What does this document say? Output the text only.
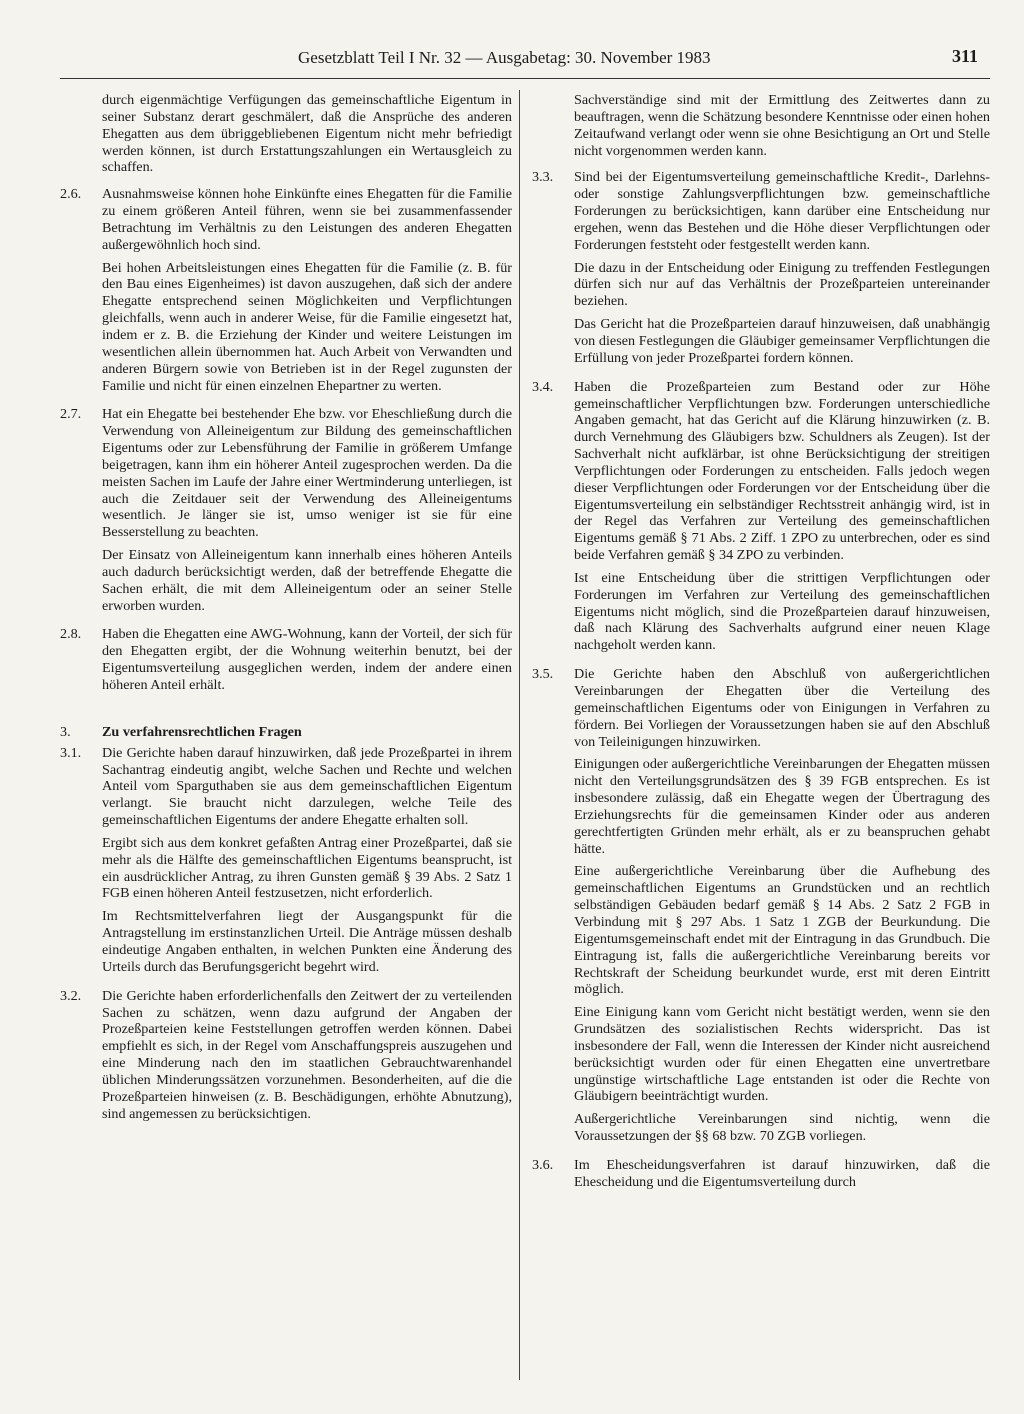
Gesetzblatt Teil I Nr. 32 — Ausgabetag: 30. November 1983	311

durch eigenmächtige Verfügungen das gemeinschaftliche Eigentum in seiner Substanz derart geschmälert, daß die Ansprüche des anderen Ehegatten aus dem übriggebliebenen Eigentum nicht mehr befriedigt werden können, ist durch Erstattungszahlungen ein Wertausgleich zu schaffen.

2.6. Ausnahmsweise können hohe Einkünfte eines Ehegatten für die Familie zu einem größeren Anteil führen, wenn sie bei zusammenfassender Betrachtung im Verhältnis zu den Leistungen des anderen Ehegatten außergewöhnlich hoch sind.

Bei hohen Arbeitsleistungen eines Ehegatten für die Familie (z. B. für den Bau eines Eigenheimes) ist davon auszugehen, daß sich der andere Ehegatte entsprechend seinen Möglichkeiten und Verpflichtungen gleichfalls, wenn auch in anderer Weise, für die Familie eingesetzt hat, indem er z. B. die Erziehung der Kinder und weitere Leistungen im wesentlichen allein übernommen hat. Auch Arbeit von Verwandten und anderen Bürgern sowie von Betrieben ist in der Regel zugunsten der Familie und nicht für einen einzelnen Ehepartner zu werten.

2.7. Hat ein Ehegatte bei bestehender Ehe bzw. vor Eheschließung durch die Verwendung von Alleineigentum zur Bildung des gemeinschaftlichen Eigentums oder zur Lebensführung der Familie in größerem Umfange beigetragen, kann ihm ein höherer Anteil zugesprochen werden. Da die meisten Sachen im Laufe der Jahre einer Wertminderung unterliegen, ist auch die Zeitdauer seit der Verwendung des Alleineigentums wesentlich. Je länger sie ist, umso weniger ist sie für eine Besserstellung zu beachten.

Der Einsatz von Alleineigentum kann innerhalb eines höheren Anteils auch dadurch berücksichtigt werden, daß der betreffende Ehegatte die Sachen erhält, die mit dem Alleineigentum oder an seiner Stelle erworben wurden.

2.8. Haben die Ehegatten eine AWG-Wohnung, kann der Vorteil, der sich für den Ehegatten ergibt, der die Wohnung weiterhin benutzt, bei der Eigentumsverteilung ausgeglichen werden, indem der andere einen höheren Anteil erhält.

3. Zu verfahrensrechtlichen Fragen
3.1. Die Gerichte haben darauf hinzuwirken, daß jede Prozeßpartei in ihrem Sachantrag eindeutig angibt, welche Sachen und Rechte und welchen Anteil vom Sparguthaben sie aus dem gemeinschaftlichen Eigentum verlangt. Sie braucht nicht darzulegen, welche Teile des gemeinschaftlichen Eigentums der andere Ehegatte erhalten soll.

Ergibt sich aus dem konkret gefaßten Antrag einer Prozeßpartei, daß sie mehr als die Hälfte des gemeinschaftlichen Eigentums beansprucht, ist ein ausdrücklicher Antrag, zu ihren Gunsten gemäß § 39 Abs. 2 Satz 1 FGB einen höheren Anteil festzusetzen, nicht erforderlich.

Im Rechtsmittelverfahren liegt der Ausgangspunkt für die Antragstellung im erstinstanzlichen Urteil. Die Anträge müssen deshalb eindeutige Angaben enthalten, in welchen Punkten eine Änderung des Urteils durch das Berufungsgericht begehrt wird.

3.2. Die Gerichte haben erforderlichenfalls den Zeitwert der zu verteilenden Sachen zu schätzen, wenn dazu aufgrund der Angaben der Prozeßparteien keine Feststellungen getroffen werden können. Dabei empfiehlt es sich, in der Regel vom Anschaffungspreis auszugehen und eine Minderung nach den im staatlichen Gebrauchtwarenhandel üblichen Minderungssätzen vorzunehmen. Besonderheiten, auf die die Prozeßparteien hinweisen (z. B. Beschädigungen, erhöhte Abnutzung), sind angemessen zu berücksichtigen.

Sachverständige sind mit der Ermittlung des Zeitwertes dann zu beauftragen, wenn die Schätzung besondere Kenntnisse oder einen hohen Zeitaufwand verlangt oder wenn sie ohne Besichtigung an Ort und Stelle nicht vorgenommen werden kann.

3.3. Sind bei der Eigentumsverteilung gemeinschaftliche Kredit-, Darlehns- oder sonstige Zahlungsverpflichtungen bzw. gemeinschaftliche Forderungen zu berücksichtigen, kann darüber eine Entscheidung nur ergehen, wenn das Bestehen und die Höhe dieser Verpflichtungen oder Forderungen feststeht oder festgestellt werden kann.

Die dazu in der Entscheidung oder Einigung zu treffenden Festlegungen dürfen sich nur auf das Verhältnis der Prozeßparteien untereinander beziehen.

Das Gericht hat die Prozeßparteien darauf hinzuweisen, daß unabhängig von diesen Festlegungen die Gläubiger gemeinsamer Verpflichtungen die Erfüllung von jeder Prozeßpartei fordern können.

3.4. Haben die Prozeßparteien zum Bestand oder zur Höhe gemeinschaftlicher Verpflichtungen bzw. Forderungen unterschiedliche Angaben gemacht, hat das Gericht auf die Klärung hinzuwirken (z. B. durch Vernehmung des Gläubigers bzw. Schuldners als Zeugen). Ist der Sachverhalt nicht aufklärbar, ist ohne Berücksichtigung der streitigen Verpflichtungen oder Forderungen zu entscheiden. Falls jedoch wegen dieser Verpflichtungen oder Forderungen vor der Entscheidung über die Eigentumsverteilung ein selbständiger Rechtsstreit anhängig wird, ist in der Regel das Verfahren zur Verteilung des gemeinschaftlichen Eigentums gemäß § 71 Abs. 2 Ziff. 1 ZPO zu unterbrechen, oder es sind beide Verfahren gemäß § 34 ZPO zu verbinden.

Ist eine Entscheidung über die strittigen Verpflichtungen oder Forderungen im Verfahren zur Verteilung des gemeinschaftlichen Eigentums nicht möglich, sind die Prozeßparteien darauf hinzuweisen, daß nach Klärung des Sachverhalts aufgrund einer neuen Klage nachgeholt werden kann.

3.5. Die Gerichte haben den Abschluß von außergerichtlichen Vereinbarungen der Ehegatten über die Verteilung des gemeinschaftlichen Eigentums oder von Einigungen in Verfahren zu fördern. Bei Vorliegen der Voraussetzungen haben sie auf den Abschluß von Teileinigungen hinzuwirken.

Einigungen oder außergerichtliche Vereinbarungen der Ehegatten müssen nicht den Verteilungsgrundsätzen des § 39 FGB entsprechen. Es ist insbesondere zulässig, daß ein Ehegatte wegen der Übertragung des Erziehungsrechts für die gemeinsamen Kinder oder aus anderen gerechtfertigten Gründen mehr erhält, als er zu beanspruchen gehabt hätte.

Eine außergerichtliche Vereinbarung über die Aufhebung des gemeinschaftlichen Eigentums an Grundstücken und an rechtlich selbständigen Gebäuden bedarf gemäß § 14 Abs. 2 Satz 2 FGB in Verbindung mit § 297 Abs. 1 Satz 1 ZGB der Beurkundung. Die Eigentumsgemeinschaft endet mit der Eintragung in das Grundbuch. Die Eintragung ist, falls die außergerichtliche Vereinbarung bereits vor Rechtskraft der Scheidung beurkundet wurde, erst mit deren Eintritt möglich.

Eine Einigung kann vom Gericht nicht bestätigt werden, wenn sie den Grundsätzen des sozialistischen Rechts widerspricht. Das ist insbesondere der Fall, wenn die Interessen der Kinder nicht ausreichend berücksichtigt wurden oder für einen Ehegatten eine unvertretbare ungünstige wirtschaftliche Lage entstanden ist oder die Rechte von Gläubigern beeinträchtigt wurden.

Außergerichtliche Vereinbarungen sind nichtig, wenn die Voraussetzungen der §§ 68 bzw. 70 ZGB vorliegen.

3.6. Im Ehescheidungsverfahren ist darauf hinzuwirken, daß die Ehescheidung und die Eigentumsverteilung durch
